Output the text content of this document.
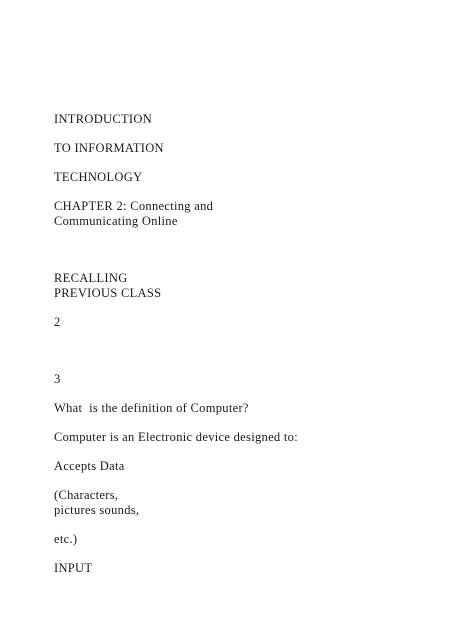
INTRODUCTION
TO INFORMATION
TECHNOLOGY
CHAPTER 2: Connecting and
Communicating Online
RECALLING
PREVIOUS CLASS
2
3
What  is the definition of Computer?
Computer is an Electronic device designed to:
Accepts Data
(Characters,
pictures sounds,
etc.)
INPUT
